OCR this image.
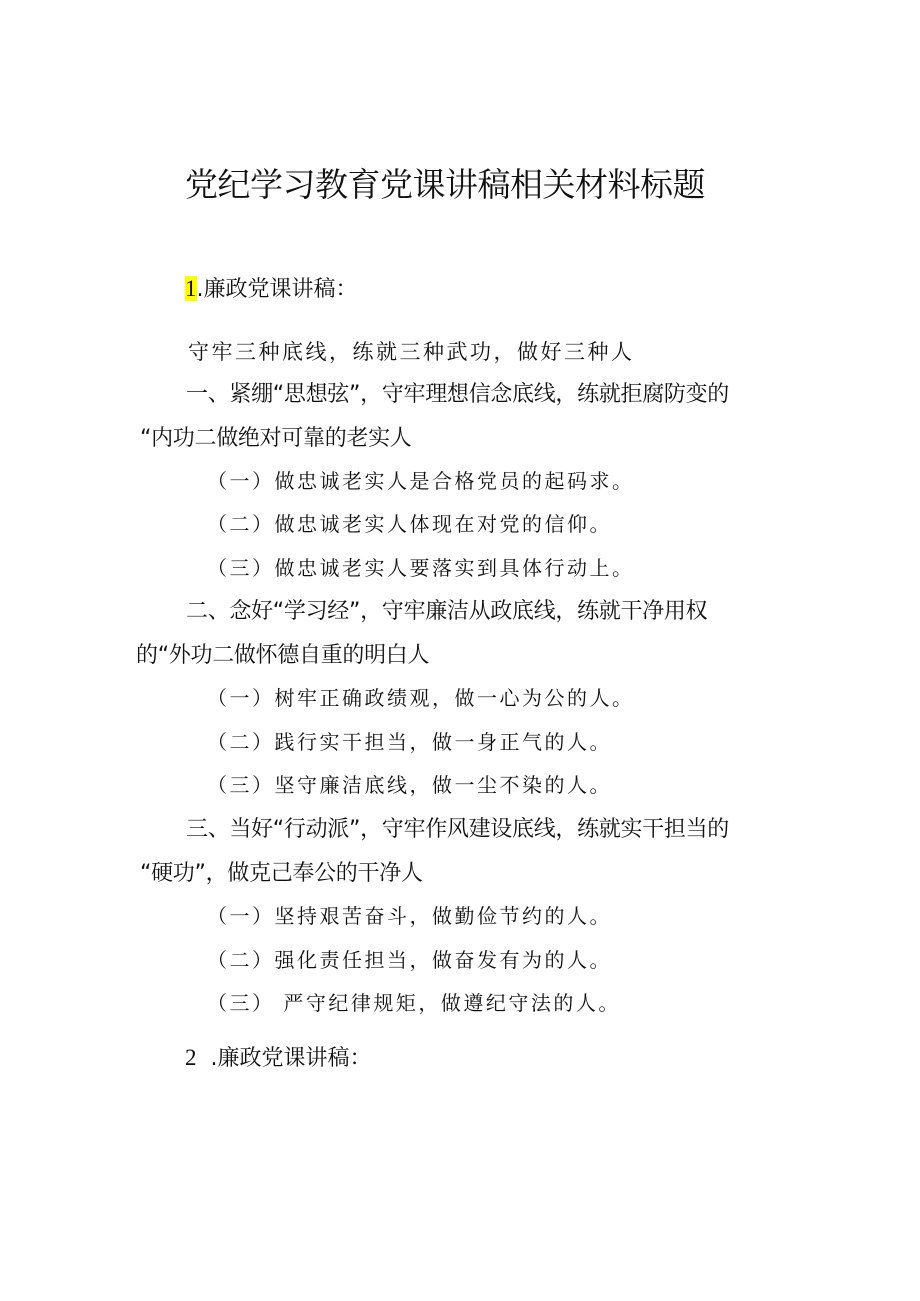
党纪学习教育党课讲稿相关材料标题
1.廉政党课讲稿：
守牢三种底线，练就三种武功，做好三种人
一、紧绷“思想弦”，守牢理想信念底线，练就拒腐防变的
“内功二做绝对可靠的老实人
（一）做忠诚老实人是合格党员的起码求。
（二）做忠诚老实人体现在对党的信仰。
（三）做忠诚老实人要落实到具体行动上。
二、念好“学习经”，守牢廉洁从政底线，练就干净用权
的“外功二做怀德自重的明白人
（一）树牢正确政绩观，做一心为公的人。
（二）践行实干担当，做一身正气的人。
（三）坚守廉洁底线，做一尘不染的人。
三、当好“行动派”，守牢作风建设底线，练就实干担当的
“硬功”，做克己奉公的干净人
（一）坚持艰苦奋斗，做勤俭节约的人。
（二）强化责任担当，做奋发有为的人。
（三） 严守纪律规矩，做遵纪守法的人。
2 .廉政党课讲稿：
